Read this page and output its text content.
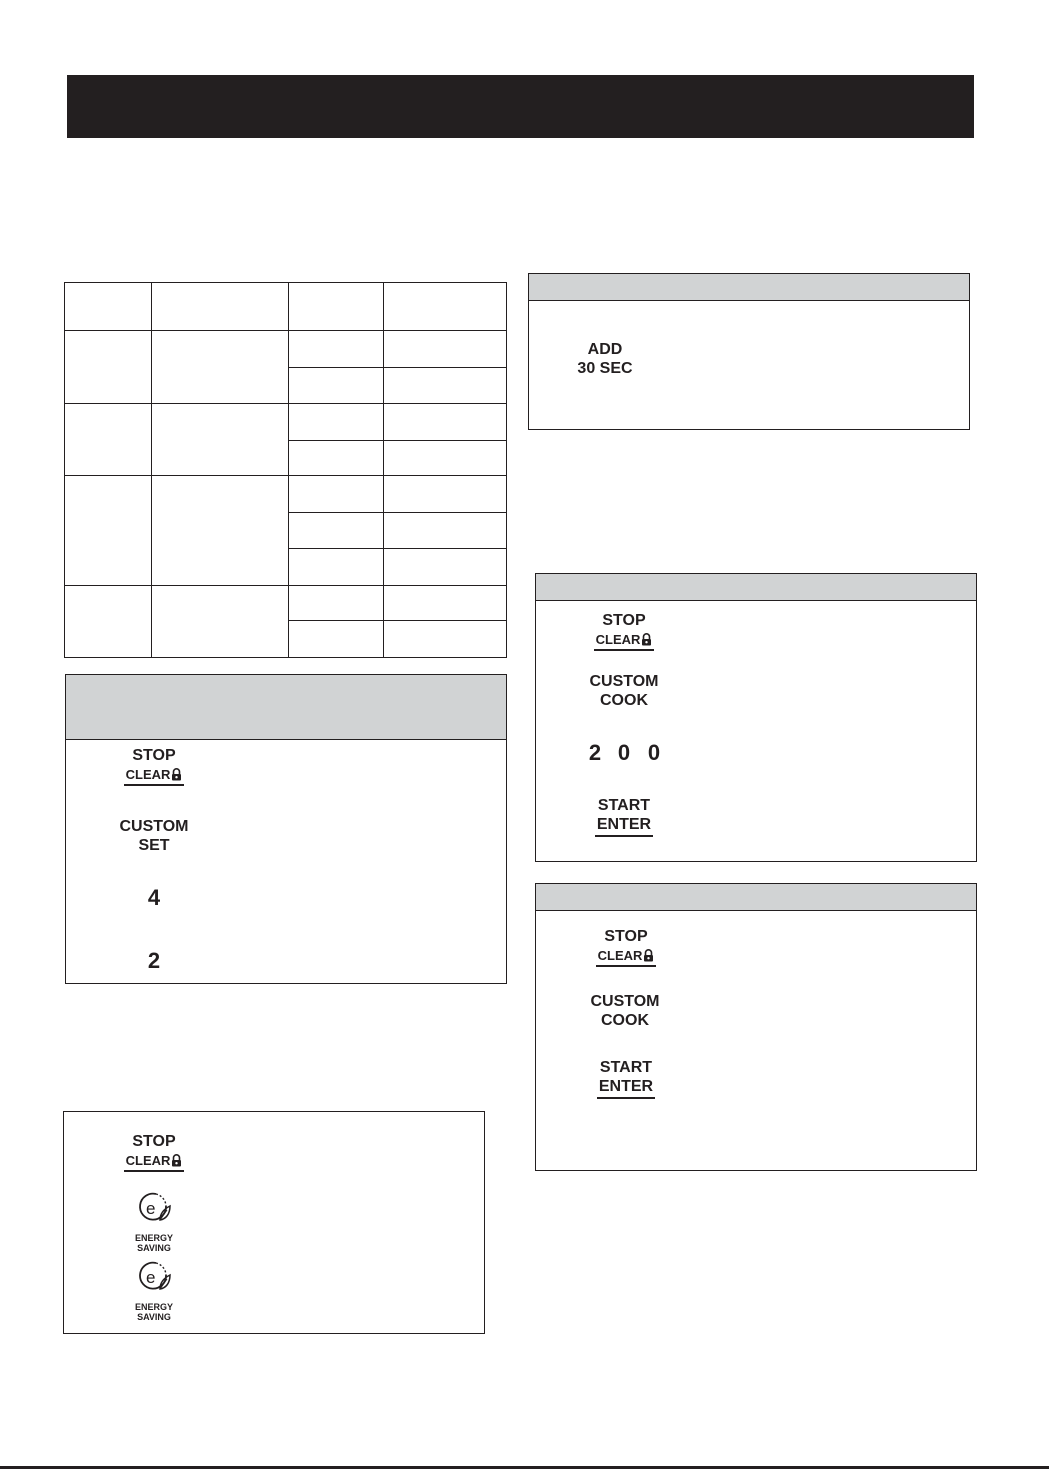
STOP
CLEAR
CUSTOM
SET
4
2
STOP
CLEAR
e
ENERGY
SAVING
e
ENERGY
SAVING
ADD
30 SEC
STOP
CLEAR
CUSTOM
COOK
2 0 0
START
ENTER
STOP
CLEAR
CUSTOM
COOK
START
ENTER
